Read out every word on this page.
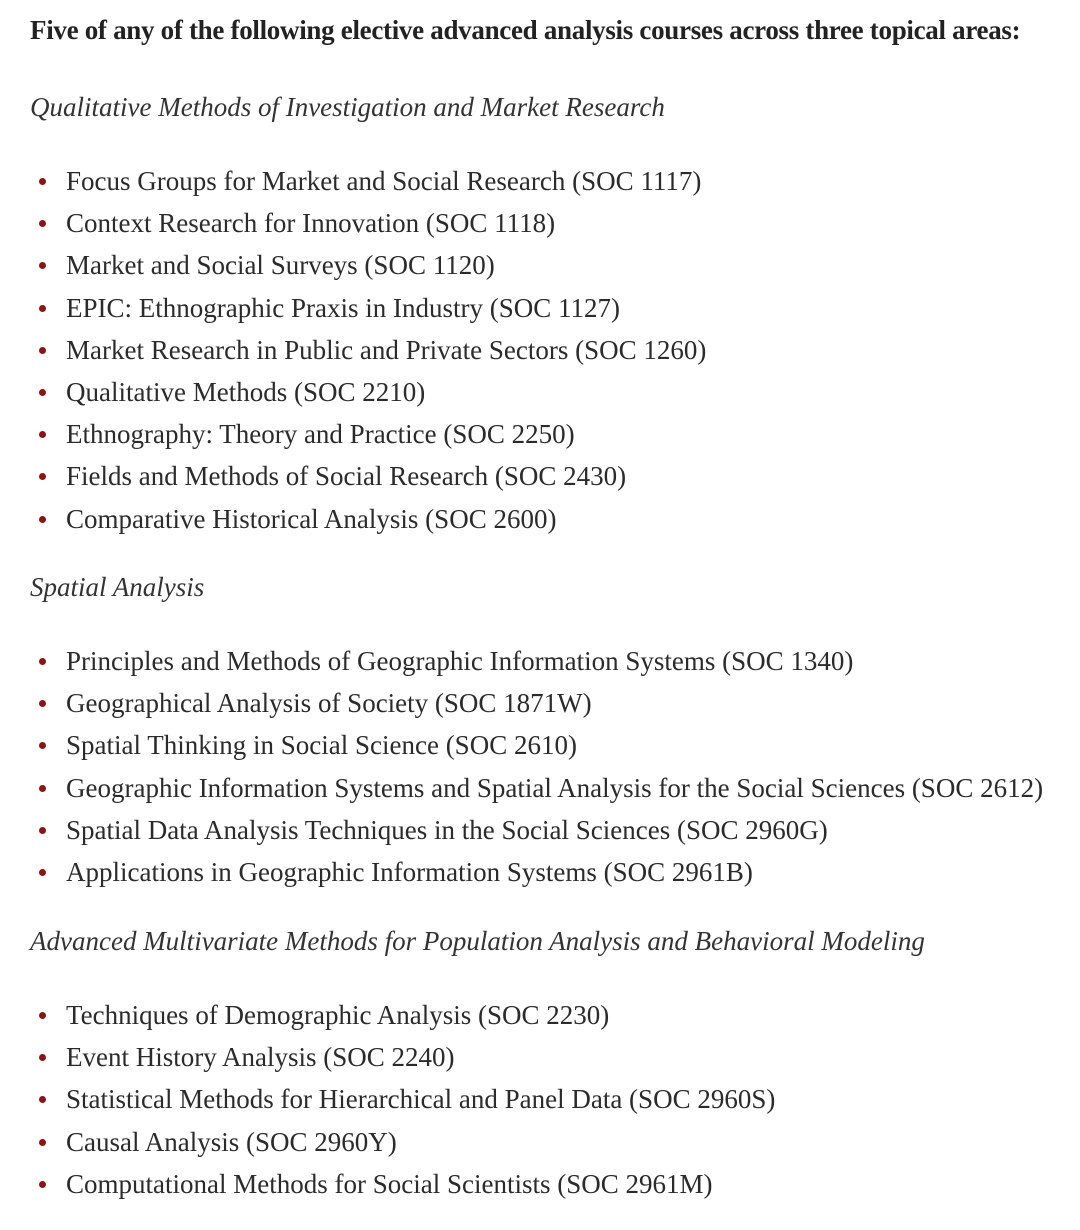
Five of any of the following elective advanced analysis courses across three topical areas:

Qualitative Methods of Investigation and Market Research
Focus Groups for Market and Social Research (SOC 1117)
Context Research for Innovation (SOC 1118)
Market and Social Surveys (SOC 1120)
EPIC: Ethnographic Praxis in Industry (SOC 1127)
Market Research in Public and Private Sectors (SOC 1260)
Qualitative Methods (SOC 2210)
Ethnography: Theory and Practice (SOC 2250)
Fields and Methods of Social Research (SOC 2430)
Comparative Historical Analysis (SOC 2600)
Spatial Analysis
Principles and Methods of Geographic Information Systems (SOC 1340)
Geographical Analysis of Society (SOC 1871W)
Spatial Thinking in Social Science (SOC 2610)
Geographic Information Systems and Spatial Analysis for the Social Sciences (SOC 2612)
Spatial Data Analysis Techniques in the Social Sciences (SOC 2960G)
Applications in Geographic Information Systems (SOC 2961B)
Advanced Multivariate Methods for Population Analysis and Behavioral Modeling
Techniques of Demographic Analysis (SOC 2230)
Event History Analysis (SOC 2240)
Statistical Methods for Hierarchical and Panel Data (SOC 2960S)
Causal Analysis (SOC 2960Y)
Computational Methods for Social Scientists (SOC 2961M)
